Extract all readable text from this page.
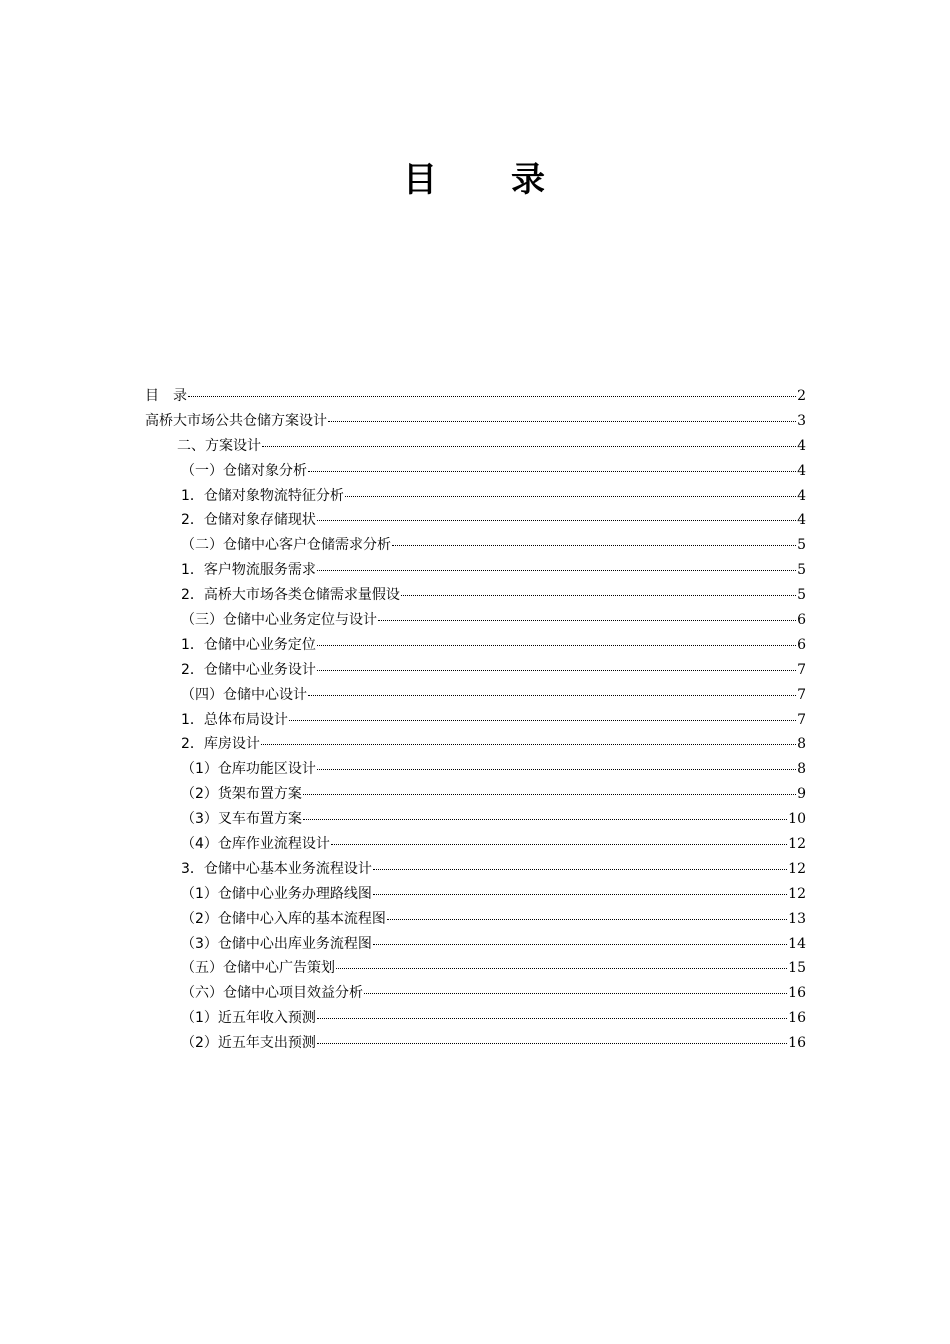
目　　录
目　录	2
高桥大市场公共仓储方案设计	3
二、方案设计	4
（一）仓储对象分析	4
1．仓储对象物流特征分析	4
2．仓储对象存储现状	4
（二）仓储中心客户仓储需求分析	5
1．客户物流服务需求	5
2．高桥大市场各类仓储需求量假设	5
（三）仓储中心业务定位与设计	6
1．仓储中心业务定位	6
2．仓储中心业务设计	7
（四）仓储中心设计	7
1．总体布局设计	7
2．库房设计	8
（1）仓库功能区设计	8
（2）货架布置方案	9
（3）叉车布置方案	10
（4）仓库作业流程设计	12
3．仓储中心基本业务流程设计	12
（1）仓储中心业务办理路线图	12
（2）仓储中心入库的基本流程图	13
（3）仓储中心出库业务流程图	14
（五）仓储中心广告策划	15
（六）仓储中心项目效益分析	16
（1）近五年收入预测	16
（2）近五年支出预测	16
